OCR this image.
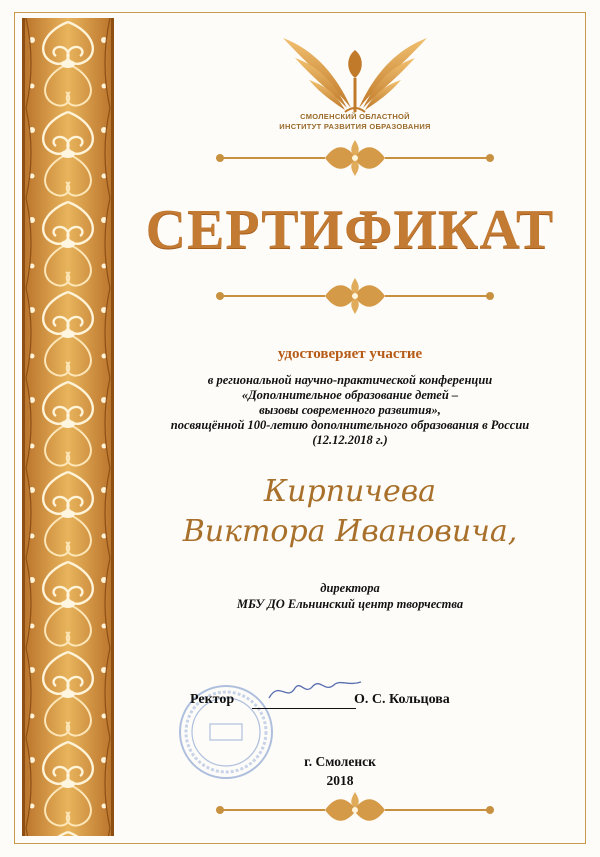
СМОЛЕНСКИЙ ОБЛАСТНОЙ
ИНСТИТУТ РАЗВИТИЯ ОБРАЗОВАНИЯ
СЕРТИФИКАТ
удостоверяет участие
в региональной научно-практической конференции
«Дополнительное образование детей –
вызовы современного развития»,
посвящённой 100-летию дополнительного образования в России
(12.12.2018 г.)
Кирпичева
Виктора Ивановича,
директора
МБУ ДО Ельнинский центр творчества
Ректор	О. С. Кольцова
г. Смоленск
2018
